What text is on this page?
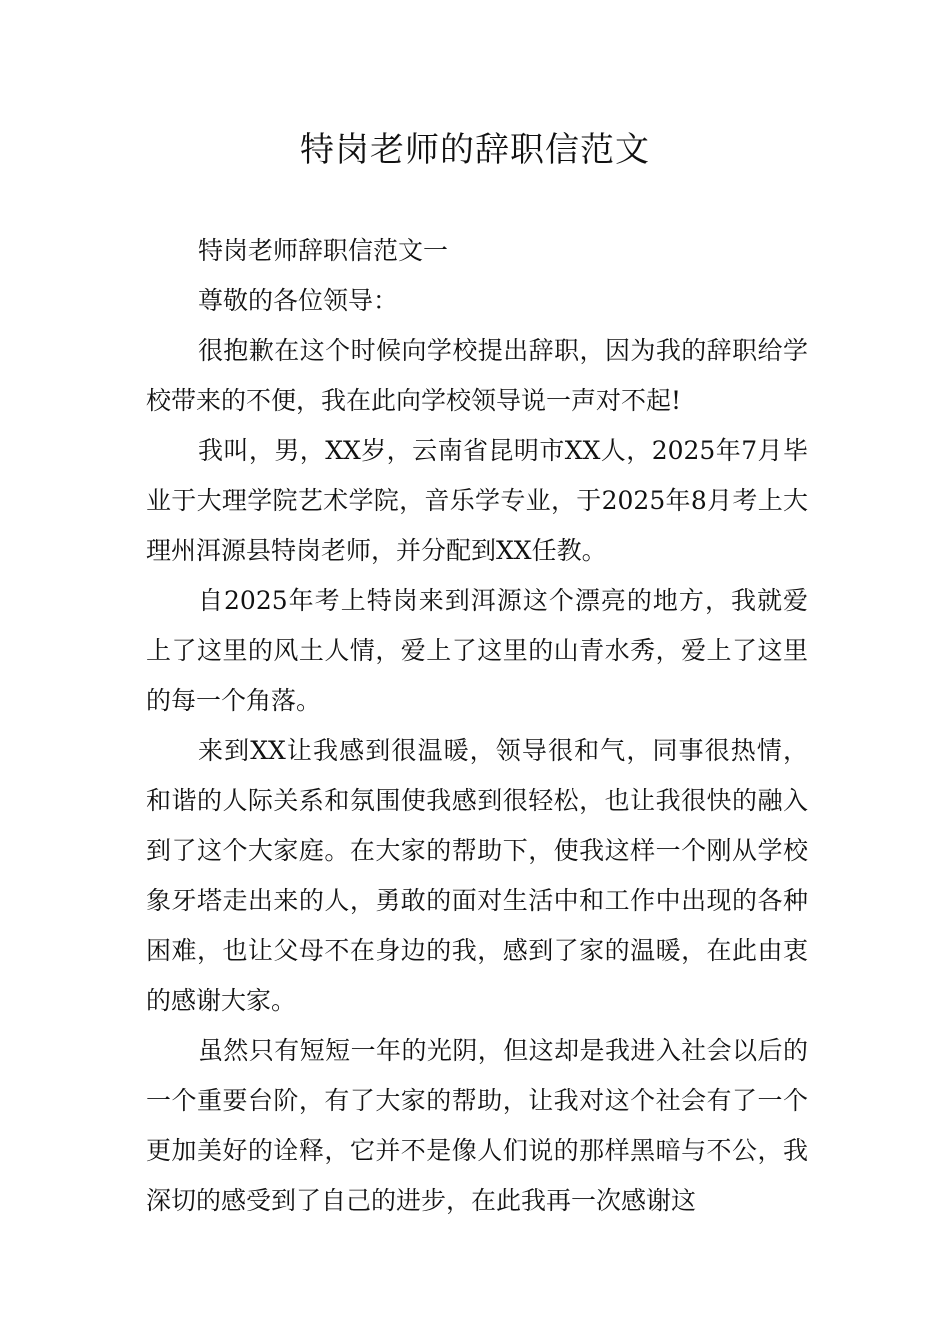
特岗老师的辞职信范文

特岗老师辞职信范文一

尊敬的各位领导：

很抱歉在这个时候向学校提出辞职，因为我的辞职给学校带来的不便，我在此向学校领导说一声对不起!

我叫，男，XX岁，云南省昆明市XX人，2025年7月毕业于大理学院艺术学院，音乐学专业，于2025年8月考上大理州洱源县特岗老师，并分配到XX任教。

自2025年考上特岗来到洱源这个漂亮的地方，我就爱上了这里的风土人情，爱上了这里的山青水秀，爱上了这里的每一个角落。

来到XX让我感到很温暖，领导很和气，同事很热情，和谐的人际关系和氛围使我感到很轻松，也让我很快的融入到了这个大家庭。在大家的帮助下，使我这样一个刚从学校象牙塔走出来的人，勇敢的面对生活中和工作中出现的各种困难，也让父母不在身边的我，感到了家的温暖，在此由衷的感谢大家。

虽然只有短短一年的光阴，但这却是我进入社会以后的一个重要台阶，有了大家的帮助，让我对这个社会有了一个更加美好的诠释，它并不是像人们说的那样黑暗与不公，我深切的感受到了自己的进步，在此我再一次感谢这
